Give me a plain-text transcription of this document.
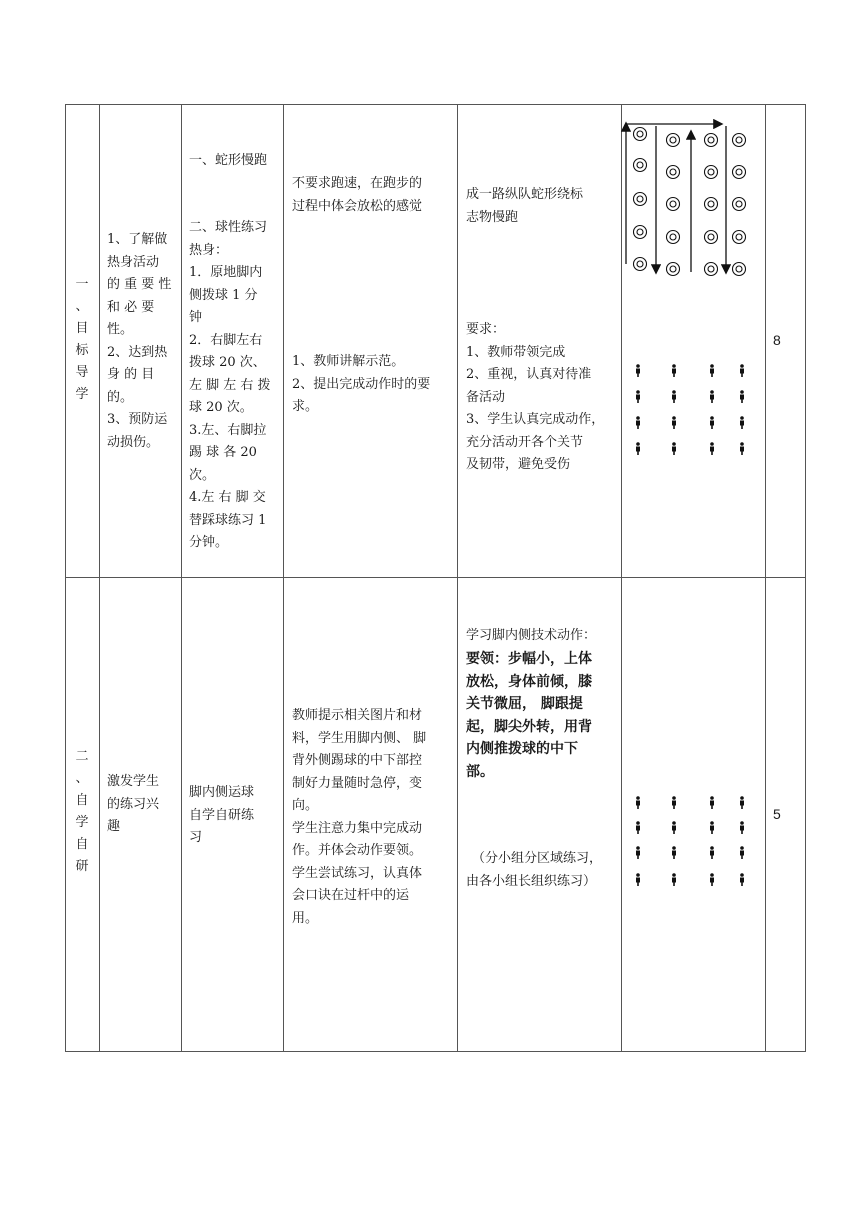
一
、
目
标
导
学
1、了解做
热身活动
的 重 要 性
和 必 要
性。
2、达到热
身 的 目
的。
3、预防运
动损伤。
一、蛇形慢跑
二、球性练习
热身：
1．原地脚内
侧拨球 1 分
钟
2．右脚左右
拨球 20 次、
左 脚 左 右 拨
球 20 次。
3.左、右脚拉
踢 球 各 20
次。
4.左 右 脚 交
替踩球练习 1
分钟。
不要求跑速，在跑步的
过程中体会放松的感觉
1、教师讲解示范。
2、提出完成动作时的要
求。
成一路纵队蛇形绕标
志物慢跑
要求：
1、教师带领完成
2、重视，认真对待准
备活动
3、学生认真完成动作，
充分活动开各个关节
及韧带，避免受伤
8
二
、
自
学
自
研
激发学生
的练习兴
趣
脚内侧运球
自学自研练
习
教师提示相关图片和材
料，学生用脚内侧、 脚
背外侧踢球的中下部控
制好力量随时急停，变
向。
学生注意力集中完成动
作。并体会动作要领。
学生尝试练习，认真体
会口诀在过杆中的运
用。
学习脚内侧技术动作：
要领：步幅小，上体
放松，身体前倾，膝
关节微屈， 脚跟提
起，脚尖外转，用背
内侧推拨球的中下
部。
（分小组分区域练习，
由各小组长组织练习）
5
